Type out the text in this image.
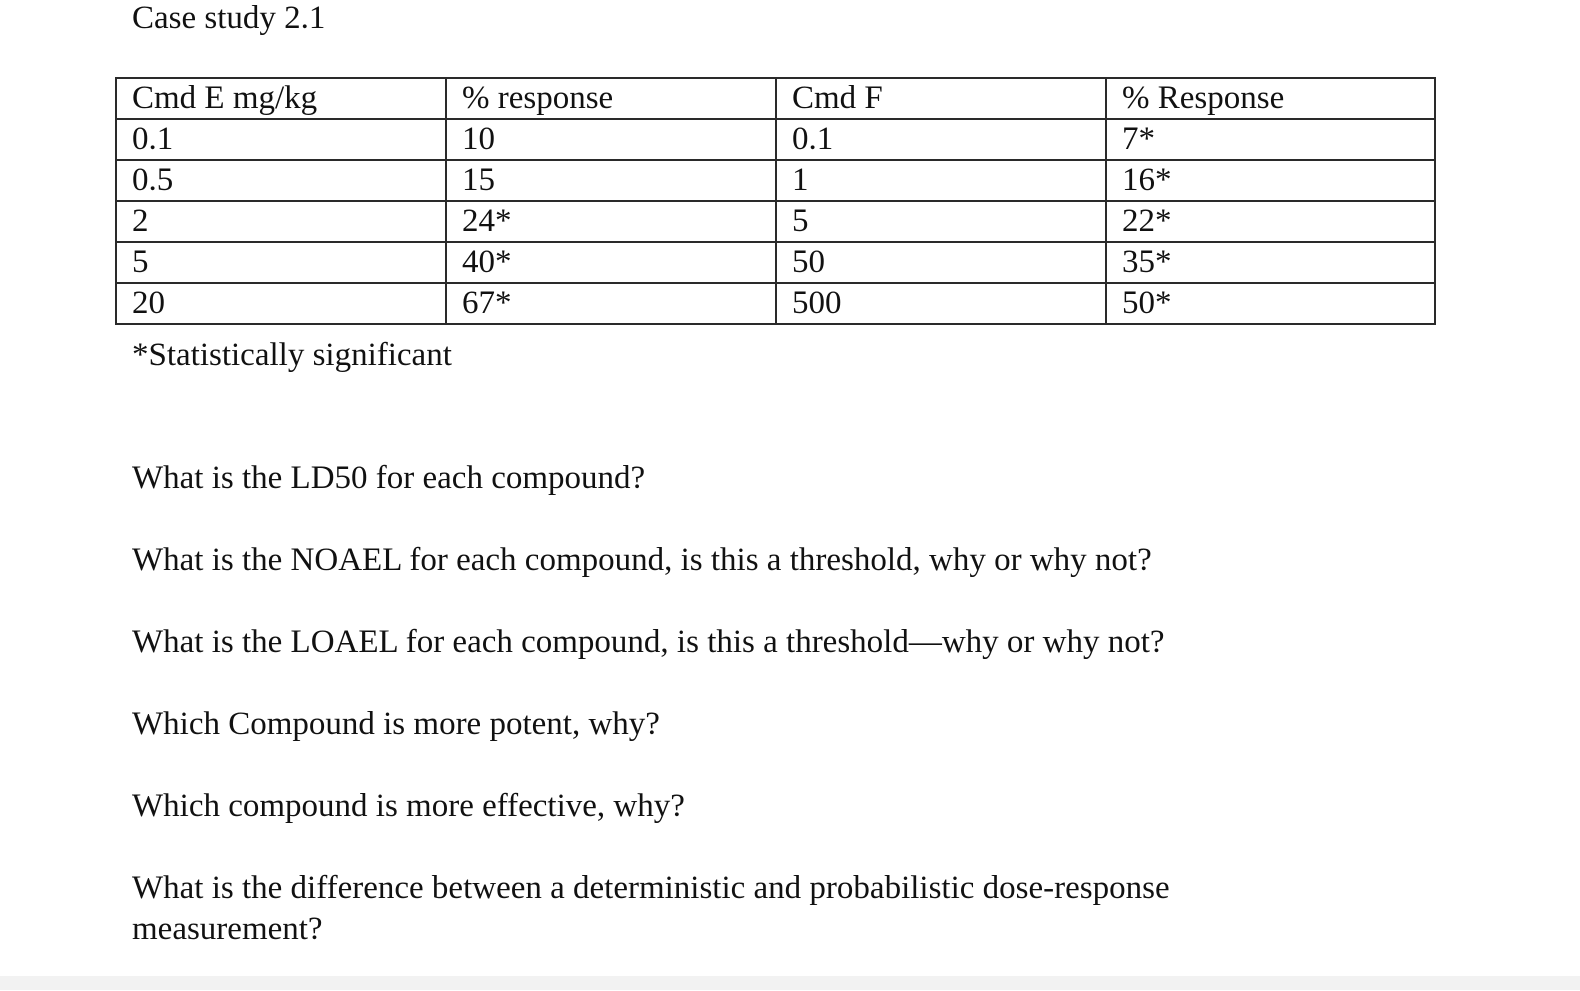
Case study 2.1
Cmd E mg/kg	% response	Cmd F	% Response
0.1	10	0.1	7*
0.5	15	1	16*
2	24*	5	22*
5	40*	50	35*
20	67*	500	50*
*Statistically significant
What is the LD50 for each compound?
What is the NOAEL for each compound, is this a threshold, why or why not?
What is the LOAEL for each compound, is this a threshold—why or why not?
Which Compound is more potent, why?
Which compound is more effective, why?
What is the difference between a deterministic and probabilistic dose-response measurement?
